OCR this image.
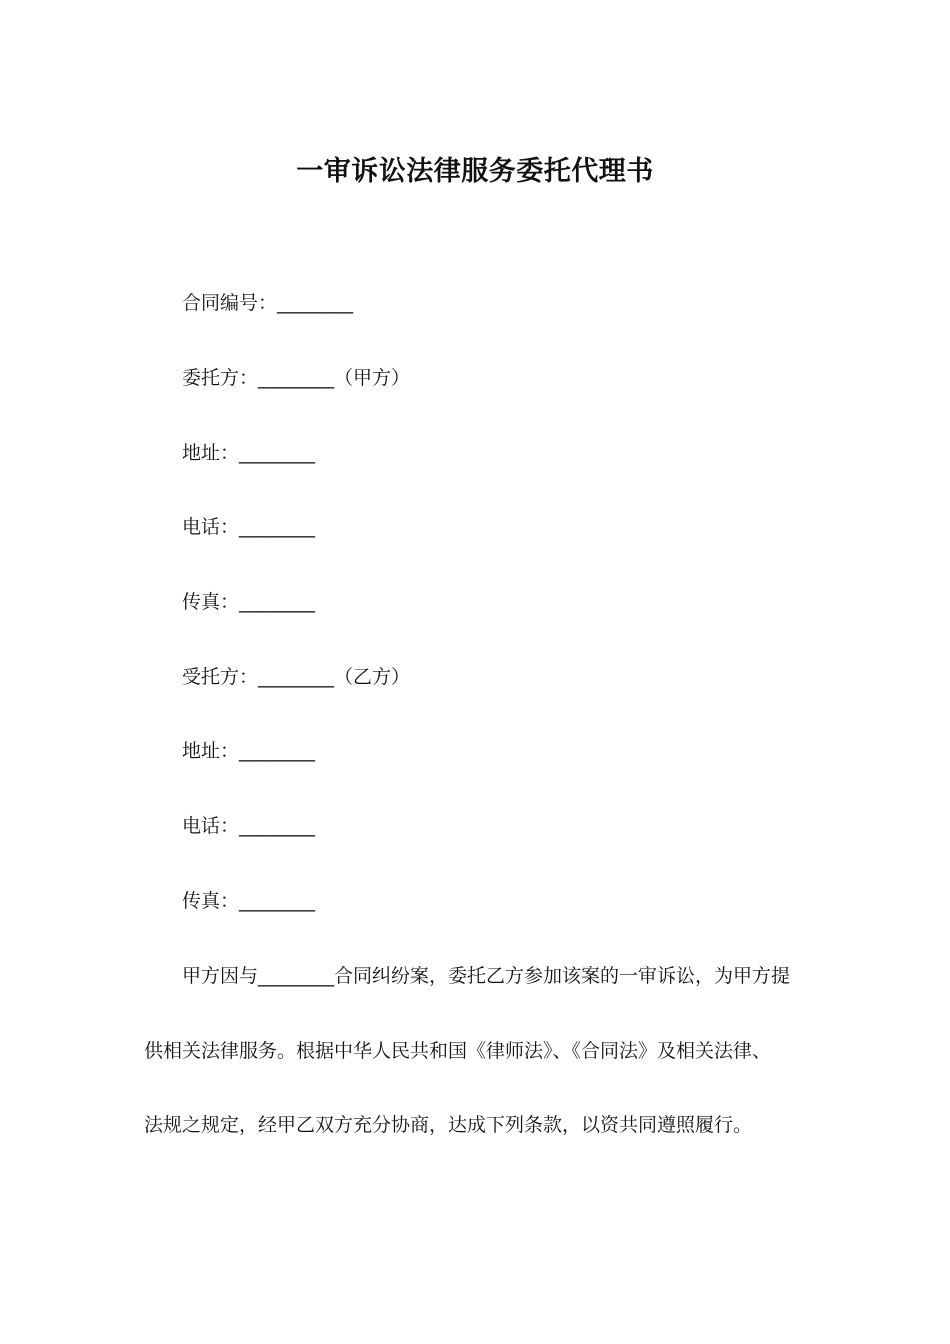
一审诉讼法律服务委托代理书
合同编号：________
委托方：________（甲方）
地址：________
电话：________
传真：________
受托方：________（乙方）
地址：________
电话：________
传真：________
甲方因与________合同纠纷案，委托乙方参加该案的一审诉讼，为甲方提
供相关法律服务。根据中华人民共和国《律师法》、《合同法》及相关法律、
法规之规定，经甲乙双方充分协商，达成下列条款，以资共同遵照履行。
